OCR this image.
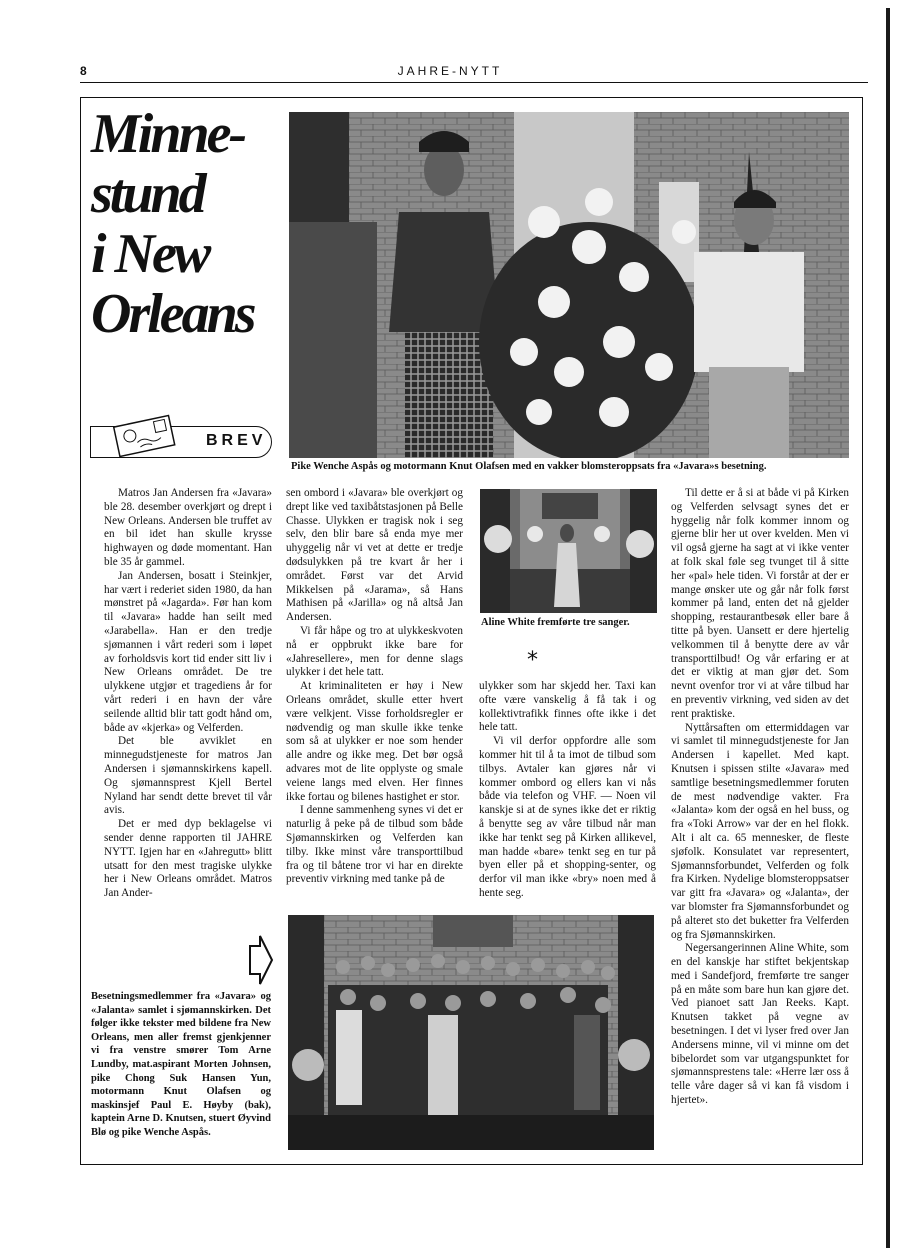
8	JAHRE-NYTT
Minne-
stund
i New
Orleans
BREV
Pike Wenche Aspås og motormann Knut Olafsen med en vakker blomsteroppsats fra «Javara»s besetning.

Matros Jan Andersen fra «Javara» ble 28. desember overkjørt og drept i New Orleans. Andersen ble truffet av en bil idet han skulle krysse highwayen og døde momentant. Han ble 35 år gammel.

Jan Andersen, bosatt i Steinkjer, har vært i rederiet siden 1980, da han mønstret på «Jagarda». Før han kom til «Javara» hadde han seilt med «Jarabella». Han er den tredje sjømannen i vårt rederi som i løpet av forholdsvis kort tid ender sitt liv i New Orleans området. De tre ulykkene utgjør et tragediens år for vårt rederi i en havn der våre seilende alltid blir tatt godt hånd om, både av «kjerka» og Velferden.

Det ble avviklet en minnegudstjeneste for matros Jan Andersen i sjømannskirkens kapell. Og sjømannsprest Kjell Bertel Nyland har sendt dette brevet til vår avis.

Det er med dyp beklagelse vi sender denne rapporten til JAHRE NYTT. Igjen har en «Jahregutt» blitt utsatt for den mest tragiske ulykke her i New Orleans området. Matros Jan Ander-

sen ombord i «Javara» ble overkjørt og drept like ved taxibåtstasjonen på Belle Chasse. Ulykken er tragisk nok i seg selv, den blir bare så enda mye mer uhyggelig når vi vet at dette er tredje dødsulykken på tre kvart år her i området. Først var det Arvid Mikkelsen på «Jarama», så Hans Mathisen på «Jarilla» og nå altså Jan Andersen.

Vi får håpe og tro at ulykkeskvoten nå er oppbrukt ikke bare for «Jahresellere», men for denne slags ulykker i det hele tatt.

At kriminaliteten er høy i New Orleans området, skulle etter hvert være velkjent. Visse forholdsregler er nødvendig og man skulle ikke tenke som så at ulykker er noe som hender alle andre og ikke meg. Det bør også advares mot de lite opplyste og smale veiene langs med elven. Her finnes ikke fortau og bilenes hastighet er stor.

I denne sammenheng synes vi det er naturlig å peke på de tilbud som både Sjømannskirken og Velferden kan tilby. Ikke minst våre transporttilbud fra og til båtene tror vi har en direkte preventiv virkning med tanke på de

Aline White fremførte tre sanger.
*

ulykker som har skjedd her. Taxi kan ofte være vanskelig å få tak i og kollektivtrafikk finnes ofte ikke i det hele tatt.

Vi vil derfor oppfordre alle som kommer hit til å ta imot de tilbud som tilbys. Avtaler kan gjøres når vi kommer ombord og ellers kan vi nås både via telefon og VHF. — Noen vil kanskje si at de synes ikke det er riktig å benytte seg av våre tilbud når man ikke har tenkt seg på Kirken allikevel, man hadde «bare» tenkt seg en tur på byen eller på et shopping-senter, og derfor vil man ikke «bry» noen med å hente seg.

Til dette er å si at både vi på Kirken og Velferden selvsagt synes det er hyggelig når folk kommer innom og gjerne blir her ut over kvelden. Men vi vil også gjerne ha sagt at vi ikke venter at folk skal føle seg tvunget til å sitte her «pal» hele tiden. Vi forstår at der er mange ønsker ute og går når folk først kommer på land, enten det nå gjelder shopping, restaurantbesøk eller bare å titte på byen. Uansett er dere hjertelig velkommen til å benytte dere av vår transporttilbud! Og vår erfaring er at det er viktig at man gjør det. Som nevnt ovenfor tror vi at våre tilbud har en preventiv virkning, ved siden av det rent praktiske.

Nyttårsaften om ettermiddagen var vi samlet til minnegudstjeneste for Jan Andersen i kapellet. Med kapt. Knutsen i spissen stilte «Javara» med samtlige besetningsmedlemmer foruten de mest nødvendige vakter. Fra «Jalanta» kom der også en hel buss, og fra «Toki Arrow» var der en hel flokk. Alt i alt ca. 65 mennesker, de fleste sjøfolk. Konsulatet var representert, Sjømannsforbundet, Velferden og folk fra Kirken. Nydelige blomsteroppsatser var gitt fra «Javara» og «Jalanta», der var blomster fra Sjømannsforbundet og på alteret sto det buketter fra Velferden og fra Sjømannskirken.

Negersangerinnen Aline White, som en del kanskje har stiftet bekjentskap med i Sandefjord, fremførte tre sanger på en måte som bare hun kan gjøre det. Ved pianoet satt Jan Reeks. Kapt. Knutsen takket på vegne av besetningen. I det vi lyser fred over Jan Andersens minne, vil vi minne om det bibelordet som var utgangspunktet for sjømannsprestens tale: «Herre lær oss å telle våre dager så vi kan få visdom i hjertet».

Besetningsmedlemmer fra «Javara» og «Jalanta» samlet i sjømannskirken. Det følger ikke tekster med bildene fra New Orleans, men aller fremst gjenkjenner vi fra venstre smører Tom Arne Lundby, mat.aspirant Morten Johnsen, pike Chong Suk Hansen Yun, motormann Knut Olafsen og maskinsjef Paul E. Høyby (bak), kaptein Arne D. Knutsen, stuert Øyvind Blø og pike Wenche Aspås.
